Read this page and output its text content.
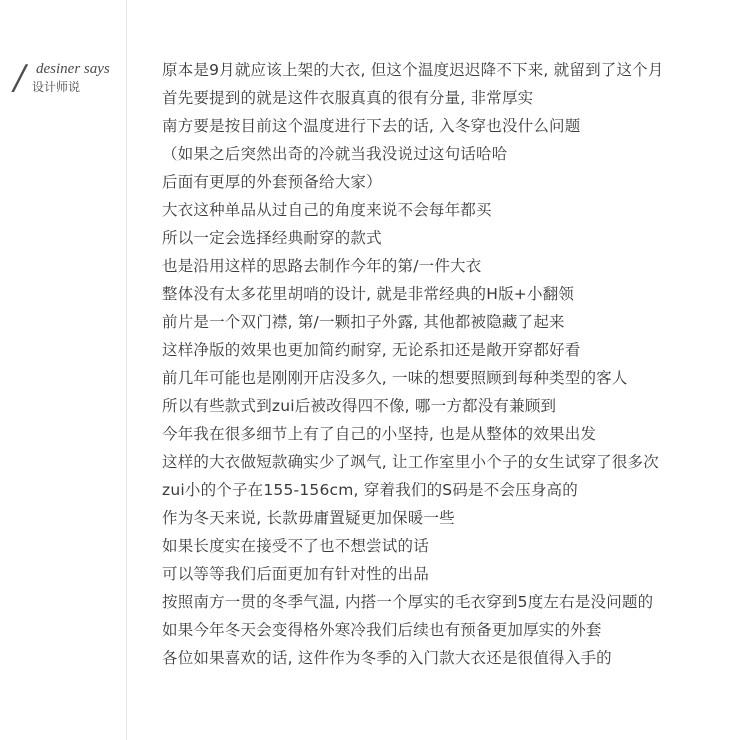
/ desiner says
设计师说
原本是9月就应该上架的大衣, 但这个温度迟迟降不下来, 就留到了这个月
首先要提到的就是这件衣服真真的很有分量, 非常厚实
南方要是按目前这个温度进行下去的话, 入冬穿也没什么问题
（如果之后突然出奇的冷就当我没说过这句话哈哈
后面有更厚的外套预备给大家）
大衣这种单品从过自己的角度来说不会每年都买
所以一定会选择经典耐穿的款式
也是沿用这样的思路去制作今年的第/一件大衣
整体没有太多花里胡哨的设计, 就是非常经典的H版+小翻领
前片是一个双门襟, 第/一颗扣子外露, 其他都被隐藏了起来
这样净版的效果也更加简约耐穿, 无论系扣还是敞开穿都好看
前几年可能也是刚刚开店没多久, 一味的想要照顾到每种类型的客人
所以有些款式到zui后被改得四不像, 哪一方都没有兼顾到
今年我在很多细节上有了自己的小坚持, 也是从整体的效果出发
这样的大衣做短款确实少了飒气, 让工作室里小个子的女生试穿了很多次
zui小的个子在155-156cm, 穿着我们的S码是不会压身高的
作为冬天来说, 长款毋庸置疑更加保暖一些
如果长度实在接受不了也不想尝试的话
可以等等我们后面更加有针对性的出品
按照南方一贯的冬季气温, 内搭一个厚实的毛衣穿到5度左右是没问题的
如果今年冬天会变得格外寒冷我们后续也有预备更加厚实的外套
各位如果喜欢的话, 这件作为冬季的入门款大衣还是很值得入手的
